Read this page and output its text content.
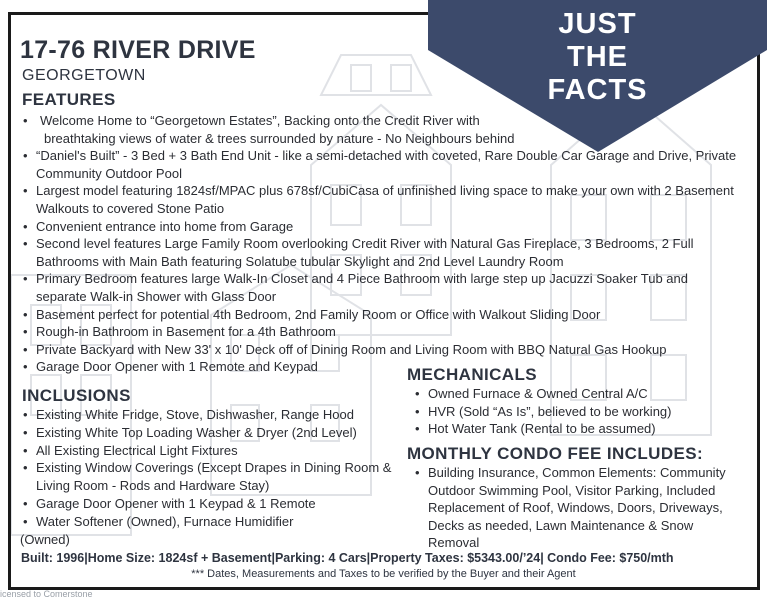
JUST
THE
FACTS
17-76 RIVER DRIVE
GEORGETOWN
FEATURES
• Welcome Home to “Georgetown Estates”, Backing onto the Credit River with
breathtaking views of water & trees surrounded by nature - No Neighbours behind
• “Daniel's Built” - 3 Bed + 3 Bath End Unit - like a semi-detached with coveted, Rare Double Car Garage and Drive, Private Community Outdoor Pool
• Largest model featuring 1824sf/MPAC plus 678sf/CubiCasa of unfinished living space to make your own with 2 Basement Walkouts to covered Stone Patio
• Convenient entrance into home from Garage
• Second level features Large Family Room overlooking Credit River with Natural Gas Fireplace, 3 Bedrooms, 2 Full Bathrooms with Main Bath featuring Solatube tubular Skylight and 2nd Level Laundry Room
• Primary Bedroom features large Walk-In Closet and 4 Piece Bathroom with large step up Jacuzzi Soaker Tub and separate Walk-in Shower with Glass Door
• Basement perfect for potential 4th Bedroom, 2nd Family Room or Office with Walkout Sliding Door
• Rough-in Bathroom in Basement for a 4th Bathroom
• Private Backyard with New 33' x 10' Deck off of Dining Room and Living Room with BBQ Natural Gas Hookup
• Garage Door Opener with 1 Remote and Keypad
INCLUSIONS
• Existing White Fridge, Stove, Dishwasher, Range Hood
• Existing White Top Loading Washer & Dryer (2nd Level)
• All Existing Electrical Light Fixtures
• Existing Window Coverings (Except Drapes in Dining Room & Living Room - Rods and Hardware Stay)
• Garage Door Opener with 1 Keypad & 1 Remote
• Water Softener (Owned), Furnace Humidifier
(Owned)
MECHANICALS
• Owned Furnace & Owned Central A/C
• HVR (Sold “As Is”, believed to be working)
• Hot Water Tank (Rental to be assumed)
MONTHLY CONDO FEE INCLUDES:
• Building Insurance, Common Elements: Community Outdoor Swimming Pool, Visitor Parking, Included Replacement of Roof, Windows, Doors, Driveways, Decks as needed, Lawn Maintenance & Snow Removal
Built: 1996|Home Size: 1824sf + Basement|Parking: 4 Cars|Property Taxes: $5343.00/’24| Condo Fee: $750/mth
*** Dates, Measurements and Taxes to be verified by the Buyer and their Agent
icensed to Comerstone
